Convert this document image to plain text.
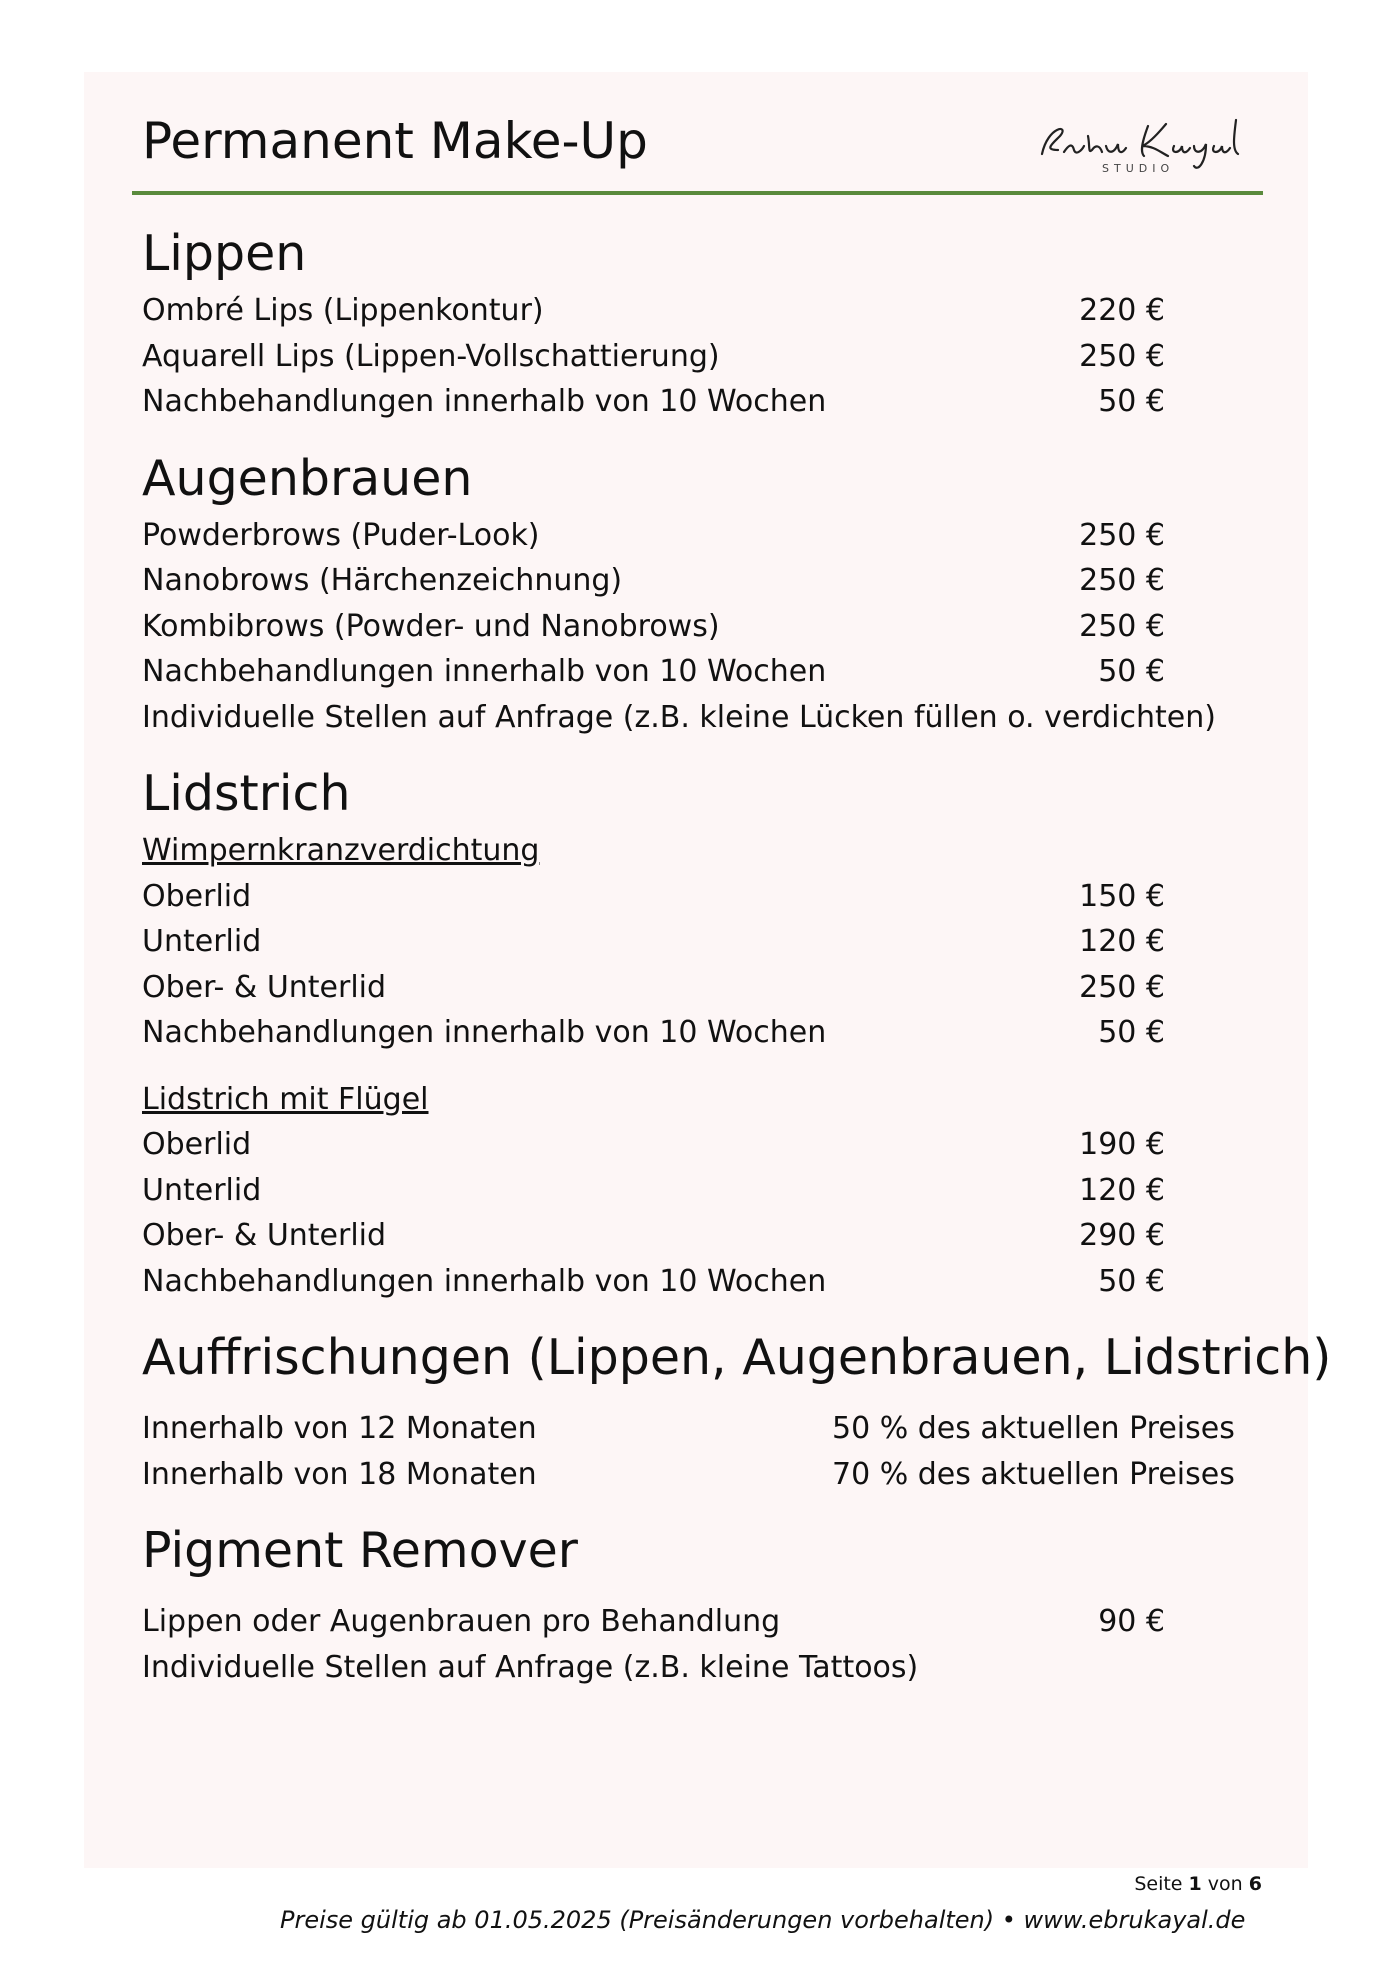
Permanent Make-Up	STUDIO
Lippen
Ombré Lips (Lippenkontur)	220 €
Aquarell Lips (Lippen-Vollschattierung)	250 €
Nachbehandlungen innerhalb von 10 Wochen	50 €
Augenbrauen
Powderbrows (Puder-Look)	250 €
Nanobrows (Härchenzeichnung)	250 €
Kombibrows (Powder- und Nanobrows)	250 €
Nachbehandlungen innerhalb von 10 Wochen	50 €
Individuelle Stellen auf Anfrage (z.B. kleine Lücken füllen o. verdichten)
Lidstrich
Wimpernkranzverdichtung
Oberlid	150 €
Unterlid	120 €
Ober- & Unterlid	250 €
Nachbehandlungen innerhalb von 10 Wochen	50 €
Lidstrich mit Flügel
Oberlid	190 €
Unterlid	120 €
Ober- & Unterlid	290 €
Nachbehandlungen innerhalb von 10 Wochen	50 €
Auffrischungen (Lippen, Augenbrauen, Lidstrich)
Innerhalb von 12 Monaten	50 % des aktuellen Preises
Innerhalb von 18 Monaten	70 % des aktuellen Preises
Pigment Remover
Lippen oder Augenbrauen pro Behandlung	90 €
Individuelle Stellen auf Anfrage (z.B. kleine Tattoos)
Seite 1 von 6
Preise gültig ab 01.05.2025 (Preisänderungen vorbehalten) • www.ebrukayal.de
